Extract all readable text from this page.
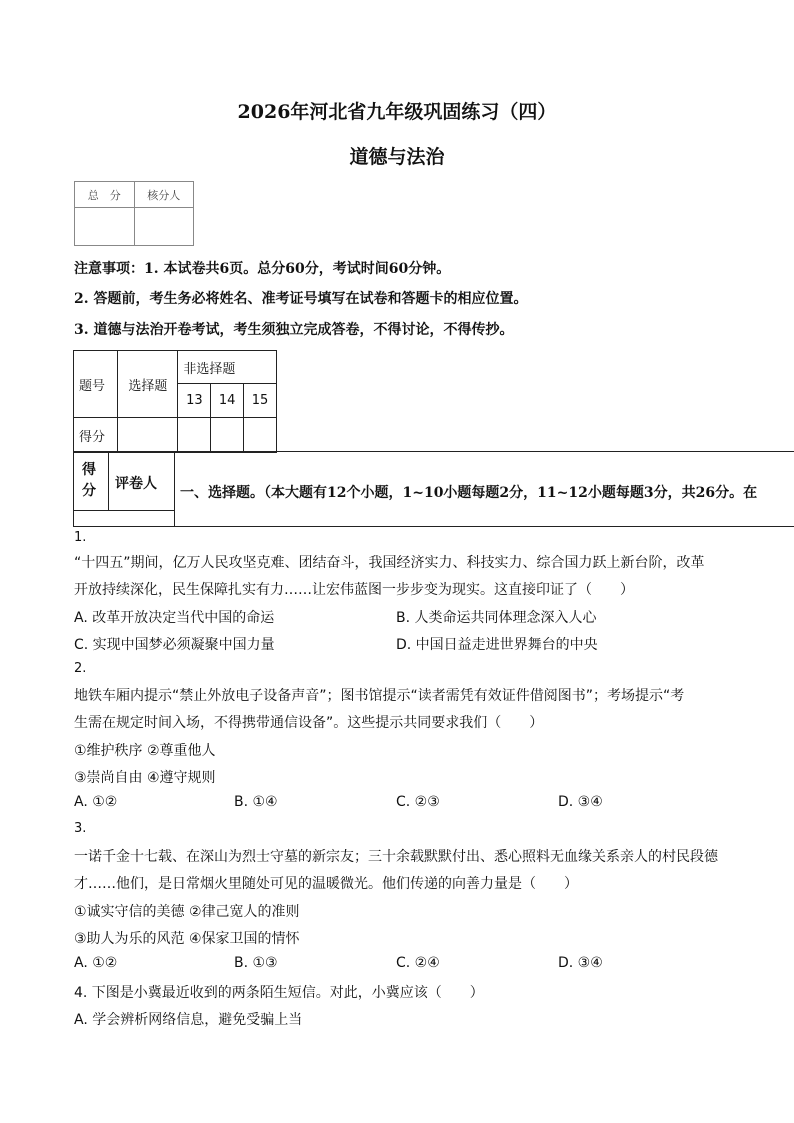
2026年河北省九年级巩固练习（四）
道德与法治
总　分	核分人

注意事项：1. 本试卷共6页。总分60分，考试时间60分钟。
2. 答题前，考生务必将姓名、准考证号填写在试卷和答题卡的相应位置。
3. 道德与法治开卷考试，考生须独立完成答卷，不得讨论，不得传抄。
题号	选择题	非选择题		
		13	14	15
得分				
得分 评卷人
一、选择题。（本大题有12个小题，1~10小题每题2分，11~12小题每题3分，共26分。在
1.
“十四五”期间，亿万人民攻坚克难、团结奋斗，我国经济实力、科技实力、综合国力跃上新台阶，改革
开放持续深化，民生保障扎实有力……让宏伟蓝图一步步变为现实。这直接印证了（　　）
A. 改革开放决定当代中国的命运	B. 人类命运共同体理念深入人心
C. 实现中国梦必须凝聚中国力量	D. 中国日益走进世界舞台的中央
2.
地铁车厢内提示“禁止外放电子设备声音”；图书馆提示“读者需凭有效证件借阅图书”；考场提示“考
生需在规定时间入场，不得携带通信设备”。这些提示共同要求我们（　　）
①维护秩序 ②尊重他人
③崇尚自由 ④遵守规则
A. ①②	B. ①④	C. ②③	D. ③④
3.
一诺千金十七载、在深山为烈士守墓的新宗友；三十余载默默付出、悉心照料无血缘关系亲人的村民段德
才……他们，是日常烟火里随处可见的温暖微光。他们传递的向善力量是（　　）
①诚实守信的美德 ②律己宽人的准则
③助人为乐的风范 ④保家卫国的情怀
A. ①②	B. ①③	C. ②④	D. ③④
4. 下图是小冀最近收到的两条陌生短信。对此，小冀应该（　　）
A. 学会辨析网络信息，避免受骗上当
